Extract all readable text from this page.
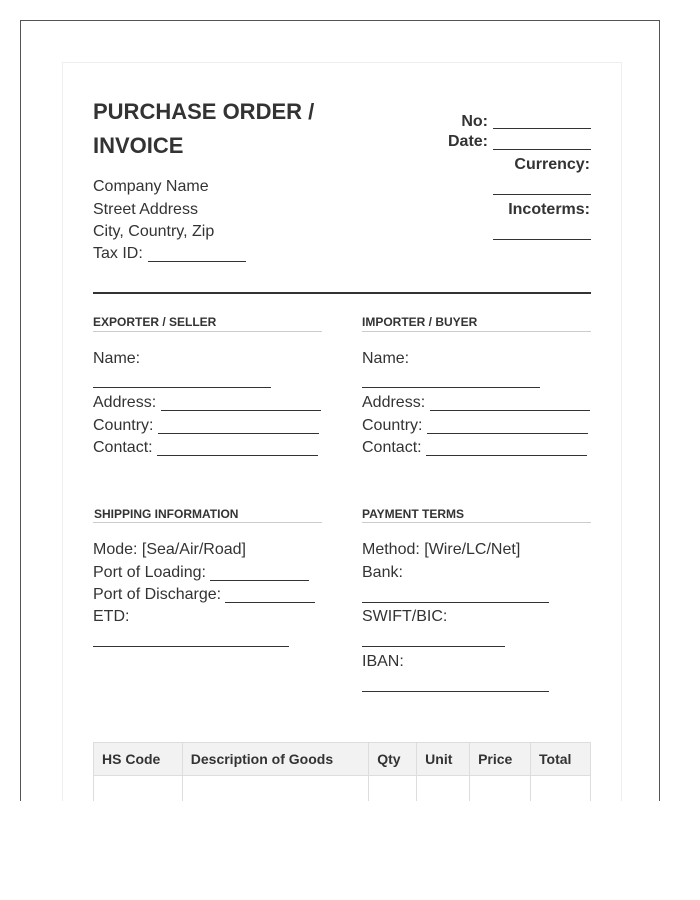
PURCHASE ORDER /
INVOICE
Company Name
Street Address
City, Country, Zip
Tax ID:
No:
Date:
Currency:
Incoterms:
EXPORTER / SELLER
Name:
Address:
Country:
Contact:
IMPORTER / BUYER
Name:
Address:
Country:
Contact:
SHIPPING INFORMATION
Mode: [Sea/Air/Road]
Port of Loading:
Port of Discharge:
ETD:
PAYMENT TERMS
Method: [Wire/LC/Net]
Bank:
SWIFT/BIC:
IBAN:
HS Code	Description of Goods	Qty	Unit	Price	Total
